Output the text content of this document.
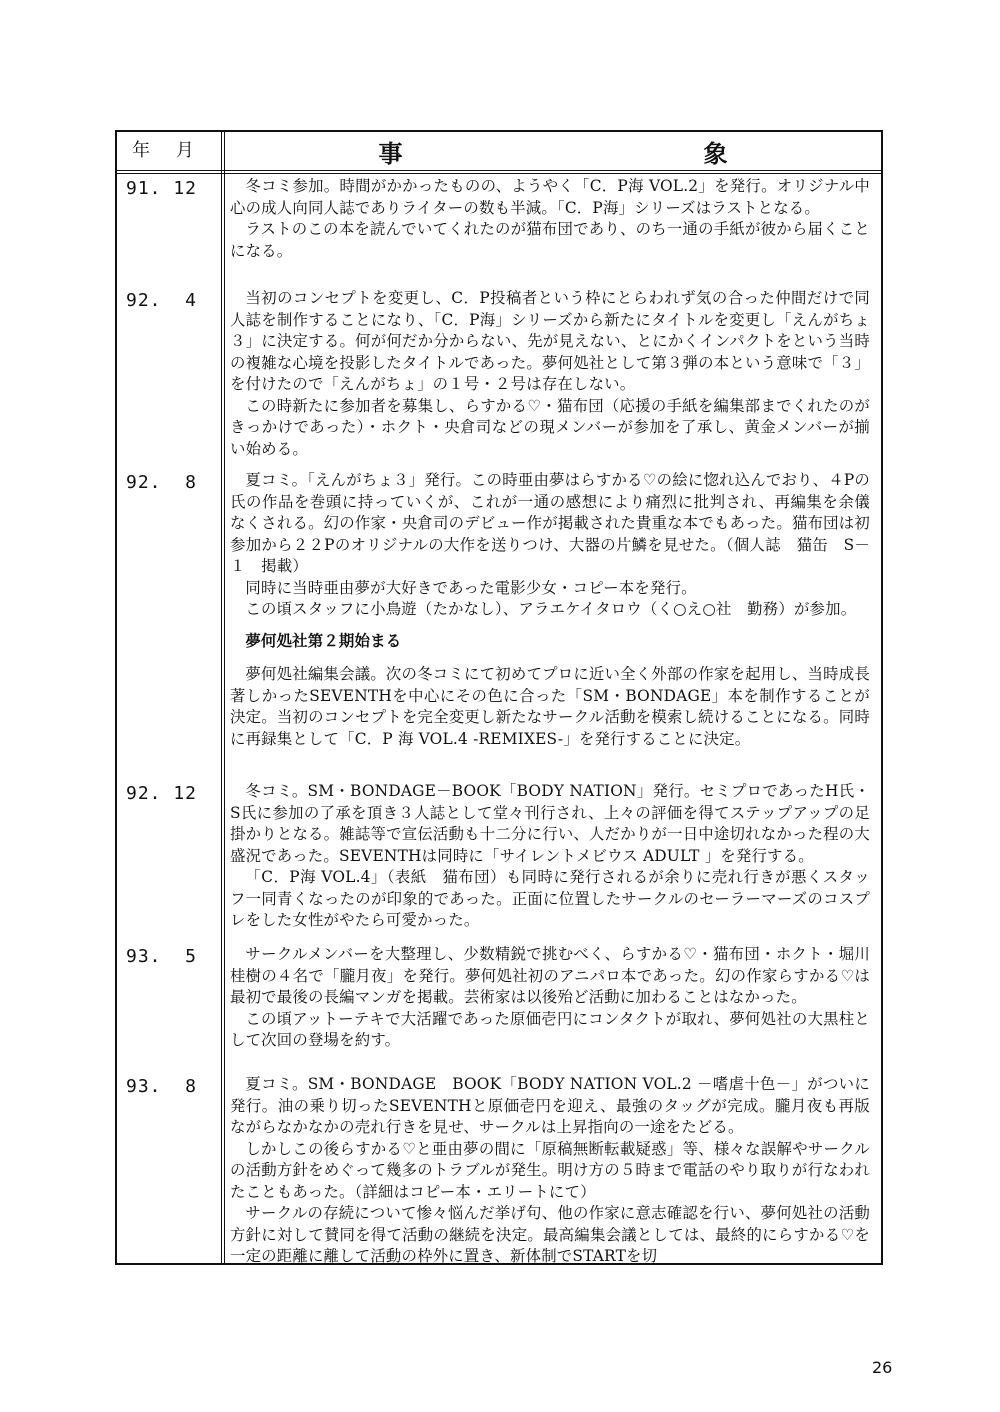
年 月	事	象
91. 12	冬コミ参加。時間がかかったものの、ようやく「C．P海 VOL.2」を発行。オリジナル中心の成人向同人誌でありライターの数も半減。「C．P海」シリーズはラストとなる。

ラストのこの本を読んでいてくれたのが猫布団であり、のち一通の手紙が彼から届くことになる。

92.  4	当初のコンセプトを変更し、C．P投稿者という枠にとらわれず気の合った仲間だけで同人誌を制作することになり、「C．P海」シリーズから新たにタイトルを変更し「えんがちょ３」に決定する。何が何だか分からない、先が見えない、とにかくインパクトをという当時の複雑な心境を投影したタイトルであった。夢何処社として第３弾の本という意味で「３」を付けたので「えんがちょ」の１号・２号は存在しない。

この時新たに参加者を募集し、らすかる♡・猫布団（応援の手紙を編集部までくれたのがきっかけであった）・ホクト・央倉司などの現メンバーが参加を了承し、黄金メンバーが揃い始める。

92.  8	夏コミ。「えんがちょ３」発行。この時亜由夢はらすかる♡の絵に惚れ込んでおり、４Pの氏の作品を巻頭に持っていくが、これが一通の感想により痛烈に批判され、再編集を余儀なくされる。幻の作家・央倉司のデビュー作が掲載された貴重な本でもあった。猫布団は初参加から２２Pのオリジナルの大作を送りつけ、大器の片鱗を見せた。（個人誌　猫缶　S－１　掲載）

同時に当時亜由夢が大好きであった電影少女・コピー本を発行。

この頃スタッフに小鳥遊（たかなし）、アラエケイタロウ（く○え○社　勤務）が参加。

夢何処社第２期始まる

夢何処社編集会議。次の冬コミにて初めてプロに近い全く外部の作家を起用し、当時成長著しかったSEVENTHを中心にその色に合った「SM・BONDAGE」本を制作することが決定。当初のコンセプトを完全変更し新たなサークル活動を模索し続けることになる。同時に再録集として「C．P 海 VOL.4 -REMIXES-」を発行することに決定。

92. 12	冬コミ。SM・BONDAGE－BOOK「BODY NATION」発行。セミプロであったH氏・S氏に参加の了承を頂き３人誌として堂々刊行され、上々の評価を得てステップアップの足掛かりとなる。雑誌等で宣伝活動も十二分に行い、人だかりが一日中途切れなかった程の大盛況であった。SEVENTHは同時に「サイレントメビウス ADULT 」を発行する。

「C．P海 VOL.4」（表紙　猫布団）も同時に発行されるが余りに売れ行きが悪くスタッフ一同青くなったのが印象的であった。正面に位置したサークルのセーラーマーズのコスプレをした女性がやたら可愛かった。

93.  5	サークルメンバーを大整理し、少数精鋭で挑むべく、らすかる♡・猫布団・ホクト・堀川桂樹の４名で「朧月夜」を発行。夢何処社初のアニパロ本であった。幻の作家らすかる♡は最初で最後の長編マンガを掲載。芸術家は以後殆ど活動に加わることはなかった。

この頃アットーテキで大活躍であった原価壱円にコンタクトが取れ、夢何処社の大黒柱として次回の登場を約す。

93.  8	夏コミ。SM・BONDAGE　BOOK「BODY NATION VOL.2 －嗜虐十色－」がついに発行。油の乗り切ったSEVENTHと原価壱円を迎え、最強のタッグが完成。朧月夜も再版ながらなかなかの売れ行きを見せ、サークルは上昇指向の一途をたどる。

しかしこの後らすかる♡と亜由夢の間に「原稿無断転載疑惑」等、様々な誤解やサークルの活動方針をめぐって幾多のトラブルが発生。明け方の５時まで電話のやり取りが行なわれたこともあった。（詳細はコピー本・エリートにて）

サークルの存続について惨々悩んだ挙げ句、他の作家に意志確認を行い、夢何処社の活動方針に対して賛同を得て活動の継続を決定。最高編集会議としては、最終的にらすかる♡を一定の距離に離して活動の枠外に置き、新体制でSTARTを切

26
